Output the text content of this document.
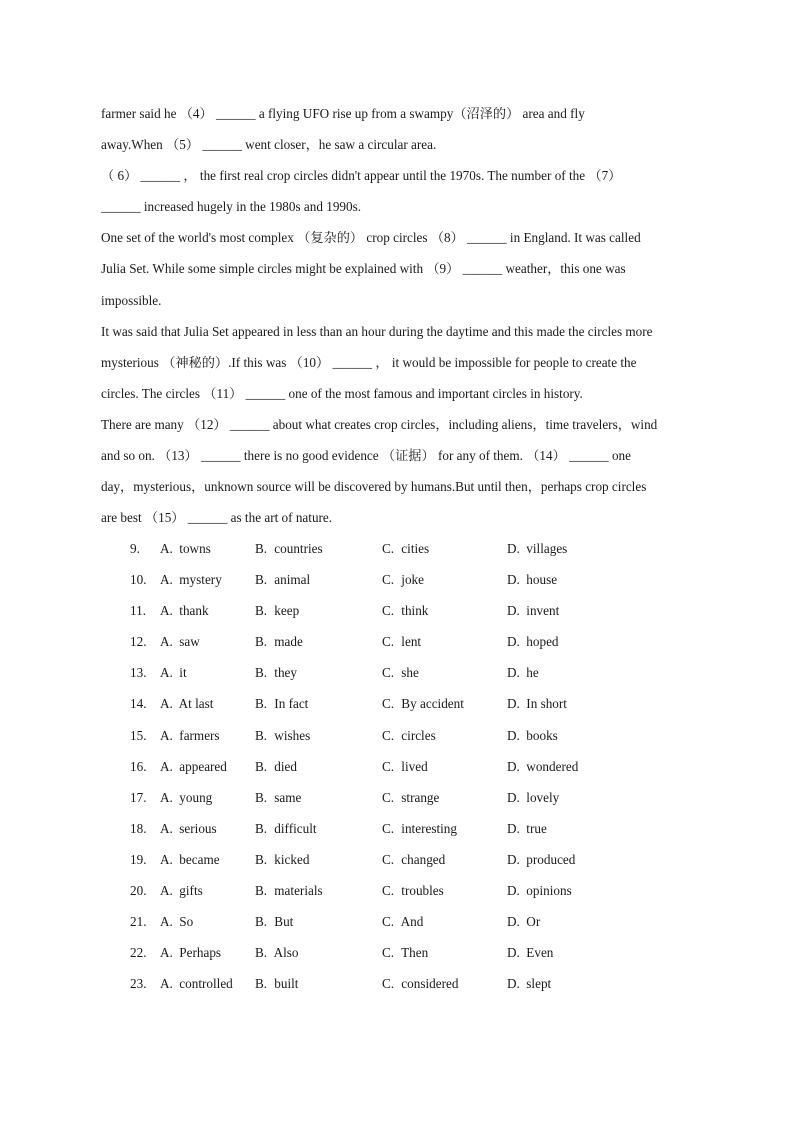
farmer said he （4） ______ a flying UFO rise up from a swampy（沼泽的） area and fly
away.When （5） ______ went closer，he saw a circular area.
（ 6） ______ ， the first real crop circles didn't appear until the 1970s. The number of the （7）
______ increased hugely in the 1980s and 1990s.
One set of the world's most complex （复杂的） crop circles （8） ______ in England. It was called
Julia Set. While some simple circles might be explained with （9） ______ weather，this one was
impossible.
It was said that Julia Set appeared in less than an hour during the daytime and this made the circles more
mysterious （神秘的）.If this was （10） ______ ， it would be impossible for people to create the
circles. The circles （11） ______ one of the most famous and important circles in history.
There are many （12） ______ about what creates crop circles，including aliens，time travelers，wind
and so on. （13） ______ there is no good evidence （证据） for any of them. （14） ______ one
day，mysterious，unknown source will be discovered by humans.But until then，perhaps crop circles
are best （15） ______ as the art of nature.
9.	A. towns	B. countries	C. cities	D. villages
10.	A. mystery	B. animal	C. joke	D. house
11.	A. thank	B. keep	C. think	D. invent
12.	A. saw	B. made	C. lent	D. hoped
13.	A. it	B. they	C. she	D. he
14.	A. At last	B. In fact	C. By accident	D. In short
15.	A. farmers	B. wishes	C. circles	D. books
16.	A. appeared B. died	C. lived	D. wondered
17.	A. young	B. same	C. strange	D. lovely
18.	A. serious	B. difficult	C. interesting	D. true
19.	A. became	B. kicked	C. changed	D. produced
20.	A. gifts	B. materials	C. troubles	D. opinions
21.	A. So	B. But	C. And	D. Or
22.	A. Perhaps	B. Also	C. Then	D. Even
23.	A. controlled B. built	C. considered	D. slept
